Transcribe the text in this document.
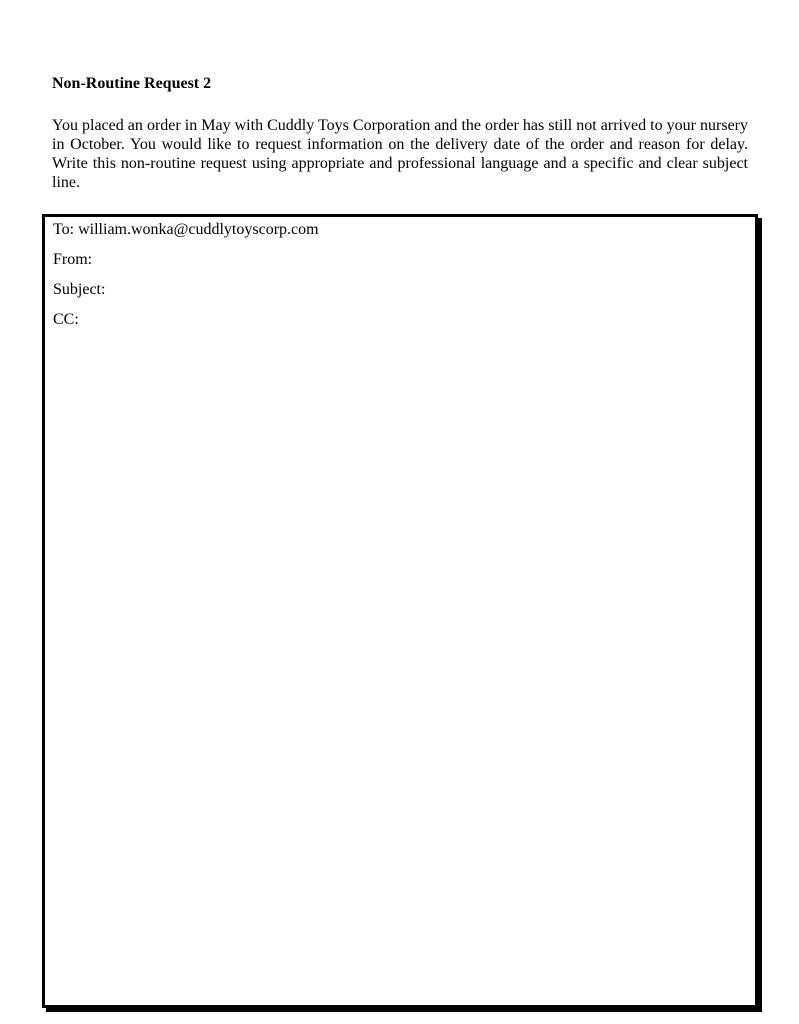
Non-Routine Request 2

You placed an order in May with Cuddly Toys Corporation and the order has still not arrived to your nursery in October. You would like to request information on the delivery date of the order and reason for delay. Write this non-routine request using appropriate and professional language and a specific and clear subject line.

To: william.wonka@cuddlytoyscorp.com
From:
Subject:
CC:
